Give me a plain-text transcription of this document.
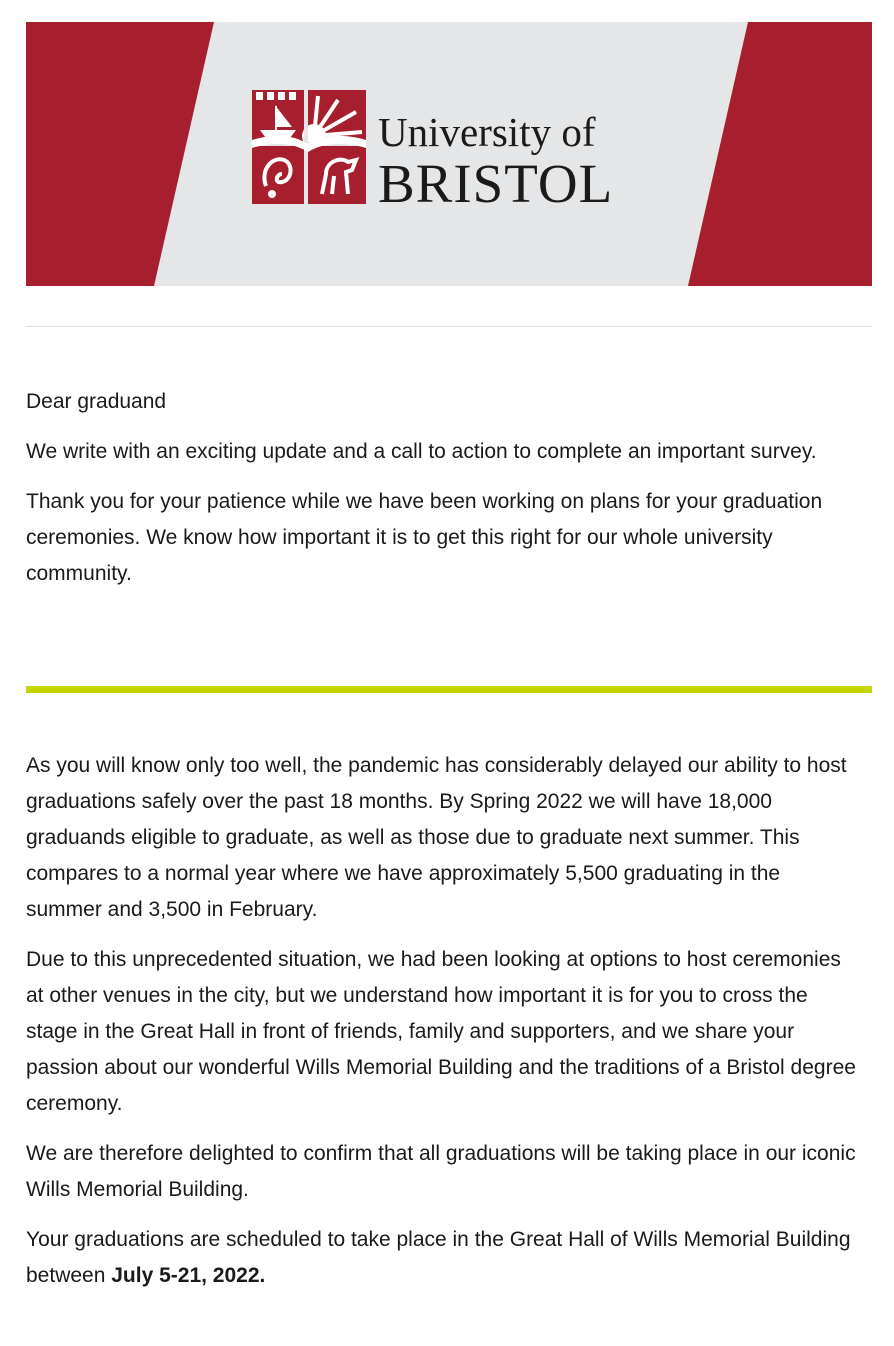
University of
BRISTOL

Dear graduand

We write with an exciting update and a call to action to complete an important survey.

Thank you for your patience while we have been working on plans for your graduation ceremonies. We know how important it is to get this right for our whole university community.

As you will know only too well, the pandemic has considerably delayed our ability to host graduations safely over the past 18 months. By Spring 2022 we will have 18,000 graduands eligible to graduate, as well as those due to graduate next summer. This compares to a normal year where we have approximately 5,500 graduating in the summer and 3,500 in February.

Due to this unprecedented situation, we had been looking at options to host ceremonies at other venues in the city, but we understand how important it is for you to cross the stage in the Great Hall in front of friends, family and supporters, and we share your passion about our wonderful Wills Memorial Building and the traditions of a Bristol degree ceremony.

We are therefore delighted to confirm that all graduations will be taking place in our iconic Wills Memorial Building.

Your graduations are scheduled to take place in the Great Hall of Wills Memorial Building between July 5-21, 2022.
